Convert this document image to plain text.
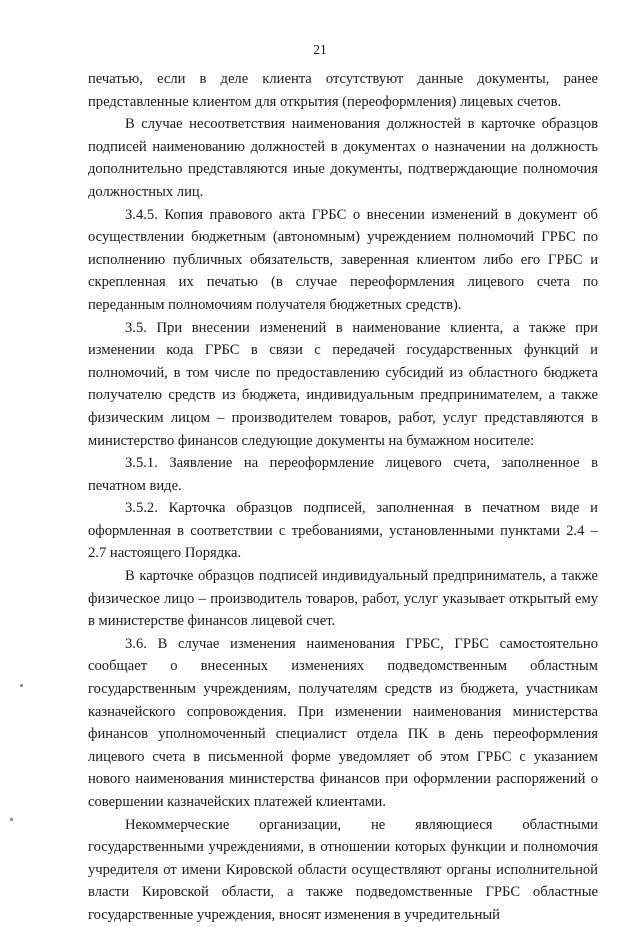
21

печатью, если в деле клиента отсутствуют данные документы, ранее представленные клиентом для открытия (переоформления) лицевых счетов.

В случае несоответствия наименования должностей в карточке образцов подписей наименованию должностей в документах о назначении на должность дополнительно представляются иные документы, подтверждающие полномочия должностных лиц.

3.4.5. Копия правового акта ГРБС о внесении изменений в документ об осуществлении бюджетным (автономным) учреждением полномочий ГРБС по исполнению публичных обязательств, заверенная клиентом либо его ГРБС и скрепленная их печатью (в случае переоформления лицевого счета по переданным полномочиям получателя бюджетных средств).

3.5. При внесении изменений в наименование клиента, а также при изменении кода ГРБС в связи с передачей государственных функций и полномочий, в том числе по предоставлению субсидий из областного бюджета получателю средств из бюджета, индивидуальным предпринимателем, а также физическим лицом – производителем товаров, работ, услуг представляются в министерство финансов следующие документы на бумажном носителе:

3.5.1. Заявление на переоформление лицевого счета, заполненное в печатном виде.

3.5.2. Карточка образцов подписей, заполненная в печатном виде и оформленная в соответствии с требованиями, установленными пунктами 2.4 – 2.7 настоящего Порядка.

В карточке образцов подписей индивидуальный предприниматель, а также физическое лицо – производитель товаров, работ, услуг указывает открытый ему в министерстве финансов лицевой счет.

3.6. В случае изменения наименования ГРБС, ГРБС самостоятельно сообщает о внесенных изменениях подведомственным областным государственным учреждениям, получателям средств из бюджета, участникам казначейского сопровождения. При изменении наименования министерства финансов уполномоченный специалист отдела ПК в день переоформления лицевого счета в письменной форме уведомляет об этом ГРБС с указанием нового наименования министерства финансов при оформлении распоряжений о совершении казначейских платежей клиентами.

Некоммерческие организации, не являющиеся областными государственными учреждениями, в отношении которых функции и полномочия учредителя от имени Кировской области осуществляют органы исполнительной власти Кировской области, а также подведомственные ГРБС областные государственные учреждения, вносят изменения в учредительный
